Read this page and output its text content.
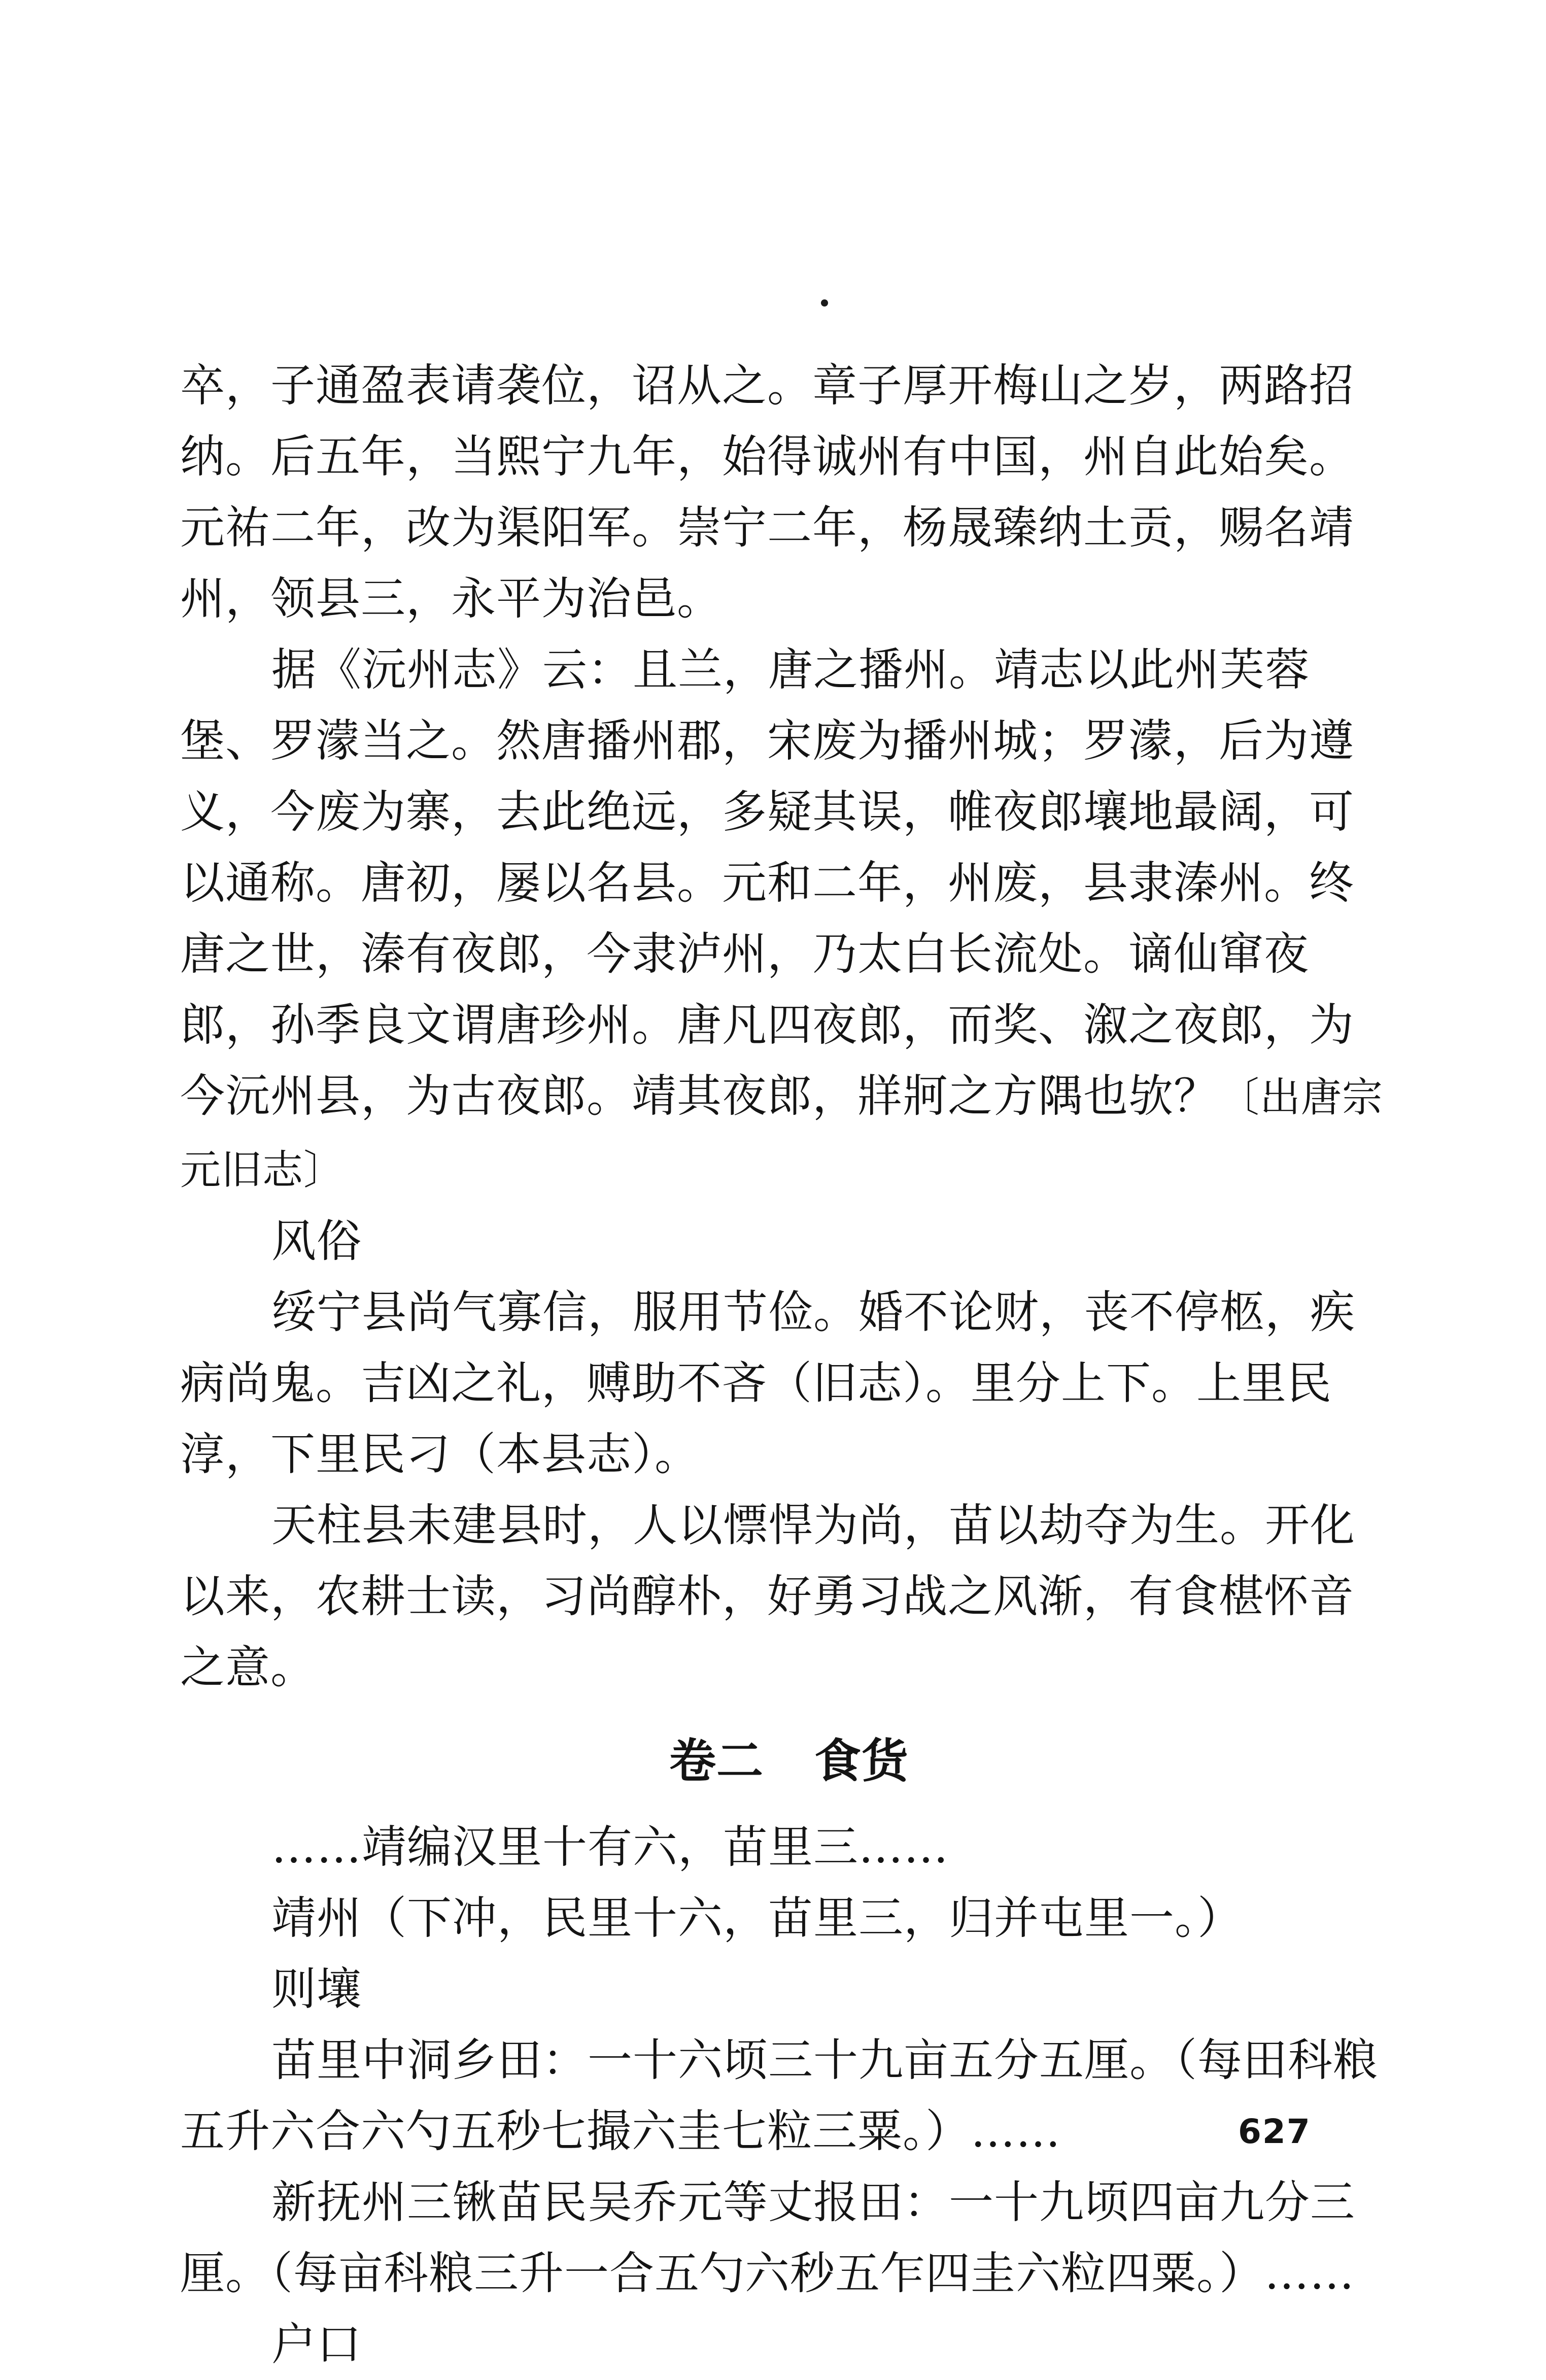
卒，子通盈表请袭位，诏从之。章子厚开梅山之岁，两路招纳。后五年，当熙宁九年，始得诚州有中国，州自此始矣。元祐二年，改为渠阳军。崇宁二年，杨晟臻纳土贡，赐名靖州，领县三，永平为治邑。

据《沅州志》云：且兰，唐之播州。靖志以此州芙蓉堡、罗濛当之。然唐播州郡，宋废为播州城；罗濛，后为遵义，今废为寨，去此绝远，多疑其误，帷夜郎壤地最阔，可以通称。唐初，屡以名县。元和二年，州废，县隶溱州。终唐之世，溱有夜郎，今隶泸州，乃太白长流处。谪仙窜夜郎，孙季良文谓唐珍州。唐凡四夜郎，而奖、溆之夜郎，为今沅州县，为古夜郎。靖其夜郎，牂牁之方隅也欤？〔出唐宗元旧志〕

风俗

绥宁县尚气寡信，服用节俭。婚不论财，丧不停柩，疾病尚鬼。吉凶之礼，赙助不吝（旧志）。里分上下。上里民淳，下里民刁（本县志）。

天柱县未建县时，人以慓悍为尚，苗以劫夺为生。开化以来，农耕士读，习尚醇朴，好勇习战之风渐，有食椹怀音之意。

卷二 食货

……靖编汉里十有六，苗里三……

靖州（下冲，民里十六，苗里三，归并屯里一。）

则壤

苗里中洞乡田：一十六顷三十九亩五分五厘。（每田科粮五升六合六勺五秒七撮六圭七粒三粟。）……

新抚州三锹苗民吴乔元等丈报田：一十九顷四亩九分三厘。（每亩科粮三升一合五勺六秒五乍四圭六粒四粟。）……

户口

627
